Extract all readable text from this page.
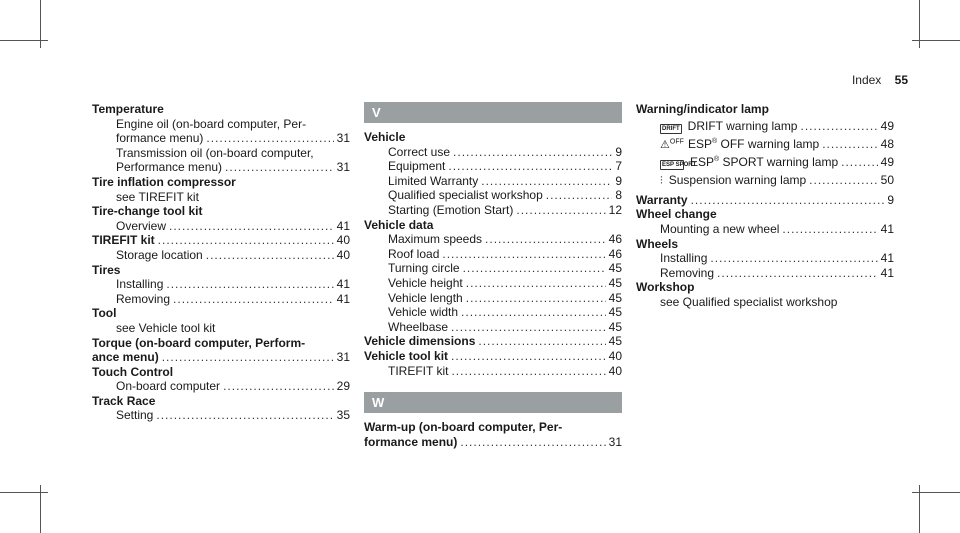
Index 55
Temperature
Engine oil (on-board computer, Per-
formance menu) .....	31
Transmission oil (on-board computer,
Performance menu) .....	31
Tire inflation compressor
see TIREFIT kit
Tire-change tool kit
Overview .....	41
TIREFIT kit .....	40
Storage location .....	40
Tires
Installing .....	41
Removing .....	41
Tool
see Vehicle tool kit
Torque (on-board computer, Perform-
ance menu) .....	31
Touch Control
On-board computer .....	29
Track Race
Setting .....	35
V
Vehicle
Correct use .....	9
Equipment .....	7
Limited Warranty .....	9
Qualified specialist workshop .....	8
Starting (Emotion Start) .....	12
Vehicle data
Maximum speeds .....	46
Roof load .....	46
Turning circle .....	45
Vehicle height .....	45
Vehicle length .....	45
Vehicle width .....	45
Wheelbase .....	45
Vehicle dimensions .....	45
Vehicle tool kit .....	40
TIREFIT kit .....	40
W
Warm-up (on-board computer, Per-
formance menu) .....	31
Warning/indicator lamp
DRIFT DRIFT warning lamp .....	49
⚠$^{OFF}$ ESP® OFF warning lamp .....	48
ESP SPORT
ESP® SPORT warning lamp .....	49
⫶ Suspension warning lamp .....	50
Warranty .....	9
Wheel change
Mounting a new wheel .....	41
Wheels
Installing .....	41
Removing .....	41
Workshop
see Qualified specialist workshop
